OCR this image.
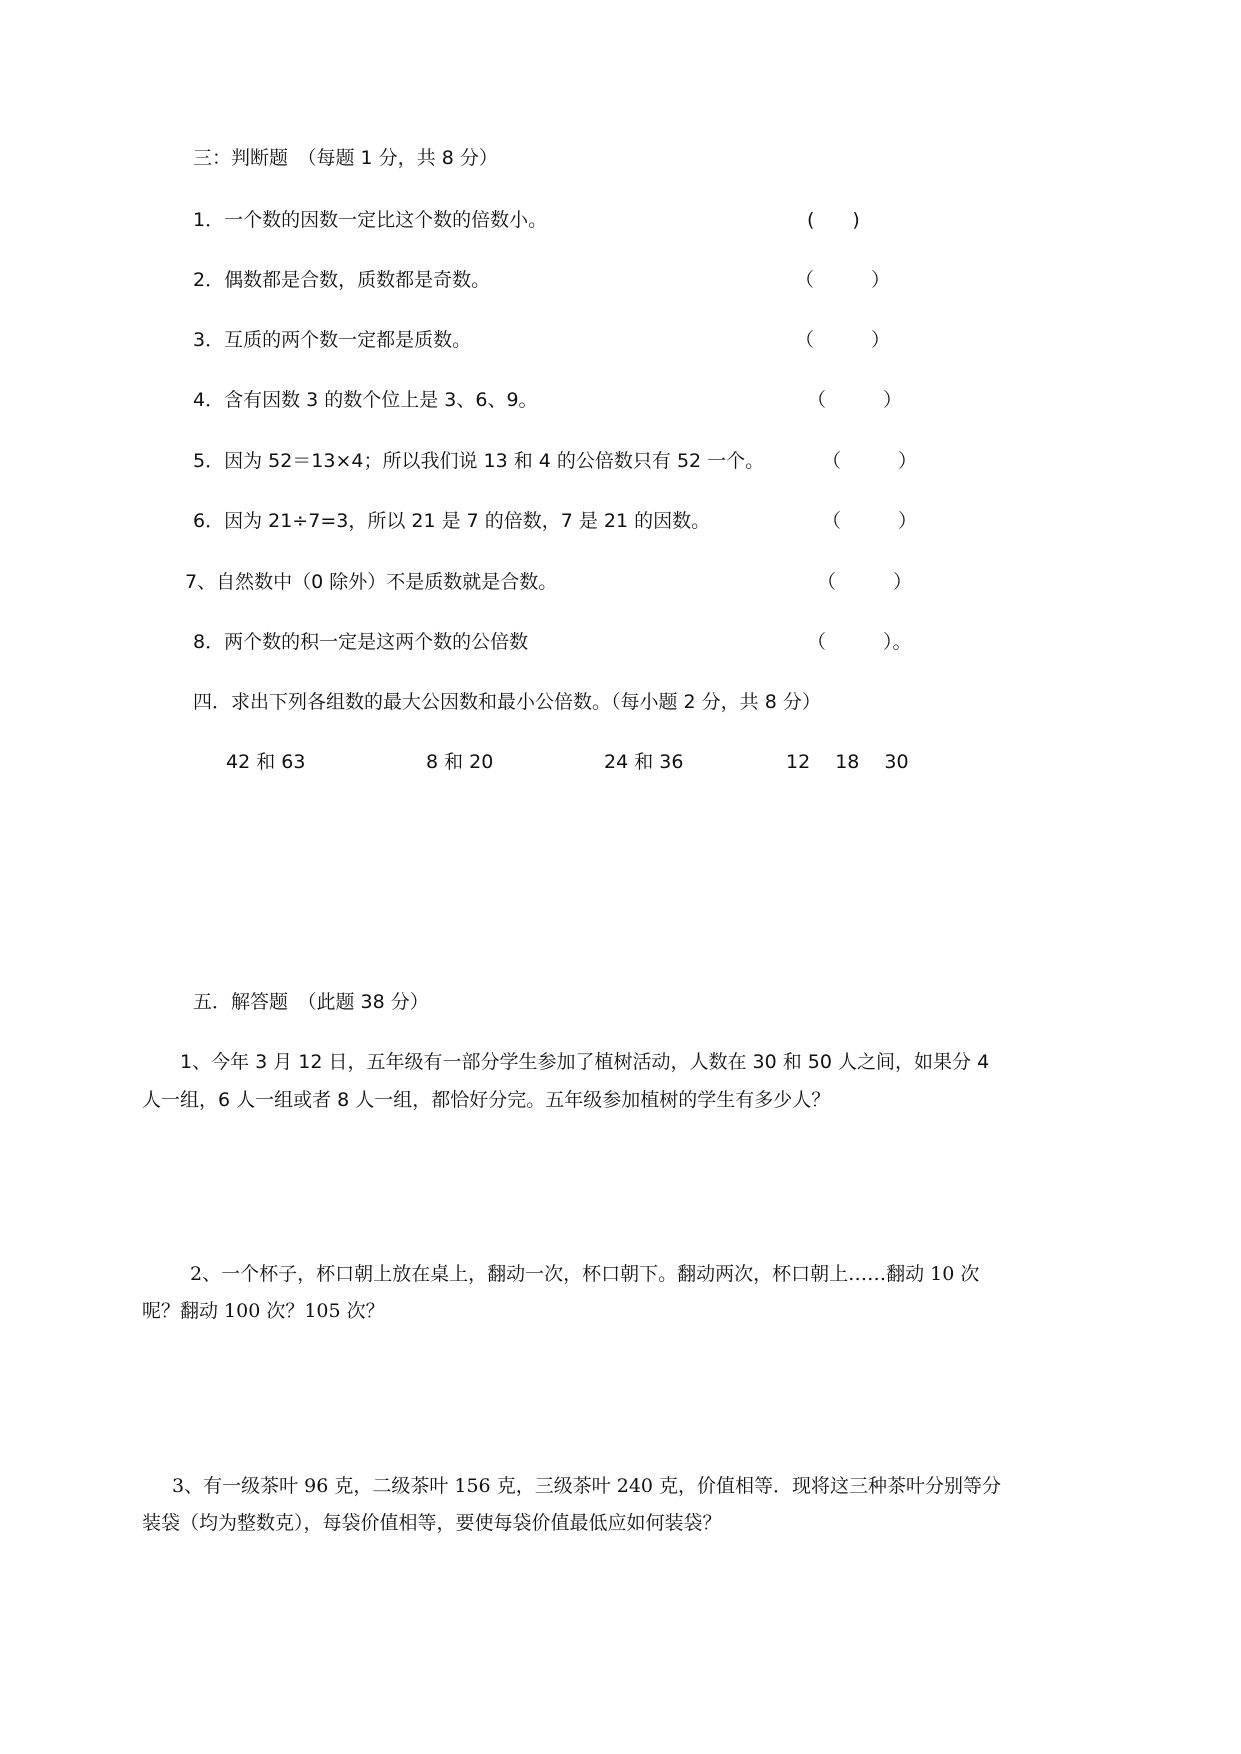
三：判断题　（每题 1 分，共 8 分）
1．一个数的因数一定比这个数的倍数小。	(　　)
2．偶数都是合数，质数都是奇数。	（　　　）
3．互质的两个数一定都是质数。	（　　　）
4．含有因数 3 的数个位上是 3、6、9。	（　　　）
5．因为 52＝13×4；所以我们说 13 和 4 的公倍数只有 52 一个。	（　　　）
6．因为 21÷7=3，所以 21 是 7 的倍数，7 是 21 的因数。	（　　　）
7、自然数中（0 除外）不是质数就是合数。	（　　　）
8．两个数的积一定是这两个数的公倍数	（　　　）。
四．求出下列各组数的最大公因数和最小公倍数。（每小题 2 分，共 8 分）
42 和 63	8 和 20	24 和 36	12  18  30
五．解答题　（此题 38 分）
1、今年 3 月 12 日，五年级有一部分学生参加了植树活动，人数在 30 和 50 人之间，如果分 4
人一组，6 人一组或者 8 人一组，都恰好分完。五年级参加植树的学生有多少人？
2、一个杯子，杯口朝上放在桌上，翻动一次，杯口朝下。翻动两次，杯口朝上……翻动 10 次
呢？翻动 100 次？105 次？
3、有一级茶叶 96 克，二级茶叶 156 克，三级茶叶 240 克，价值相等．现将这三种茶叶分别等分
装袋（均为整数克），每袋价值相等，要使每袋价值最低应如何装袋？
